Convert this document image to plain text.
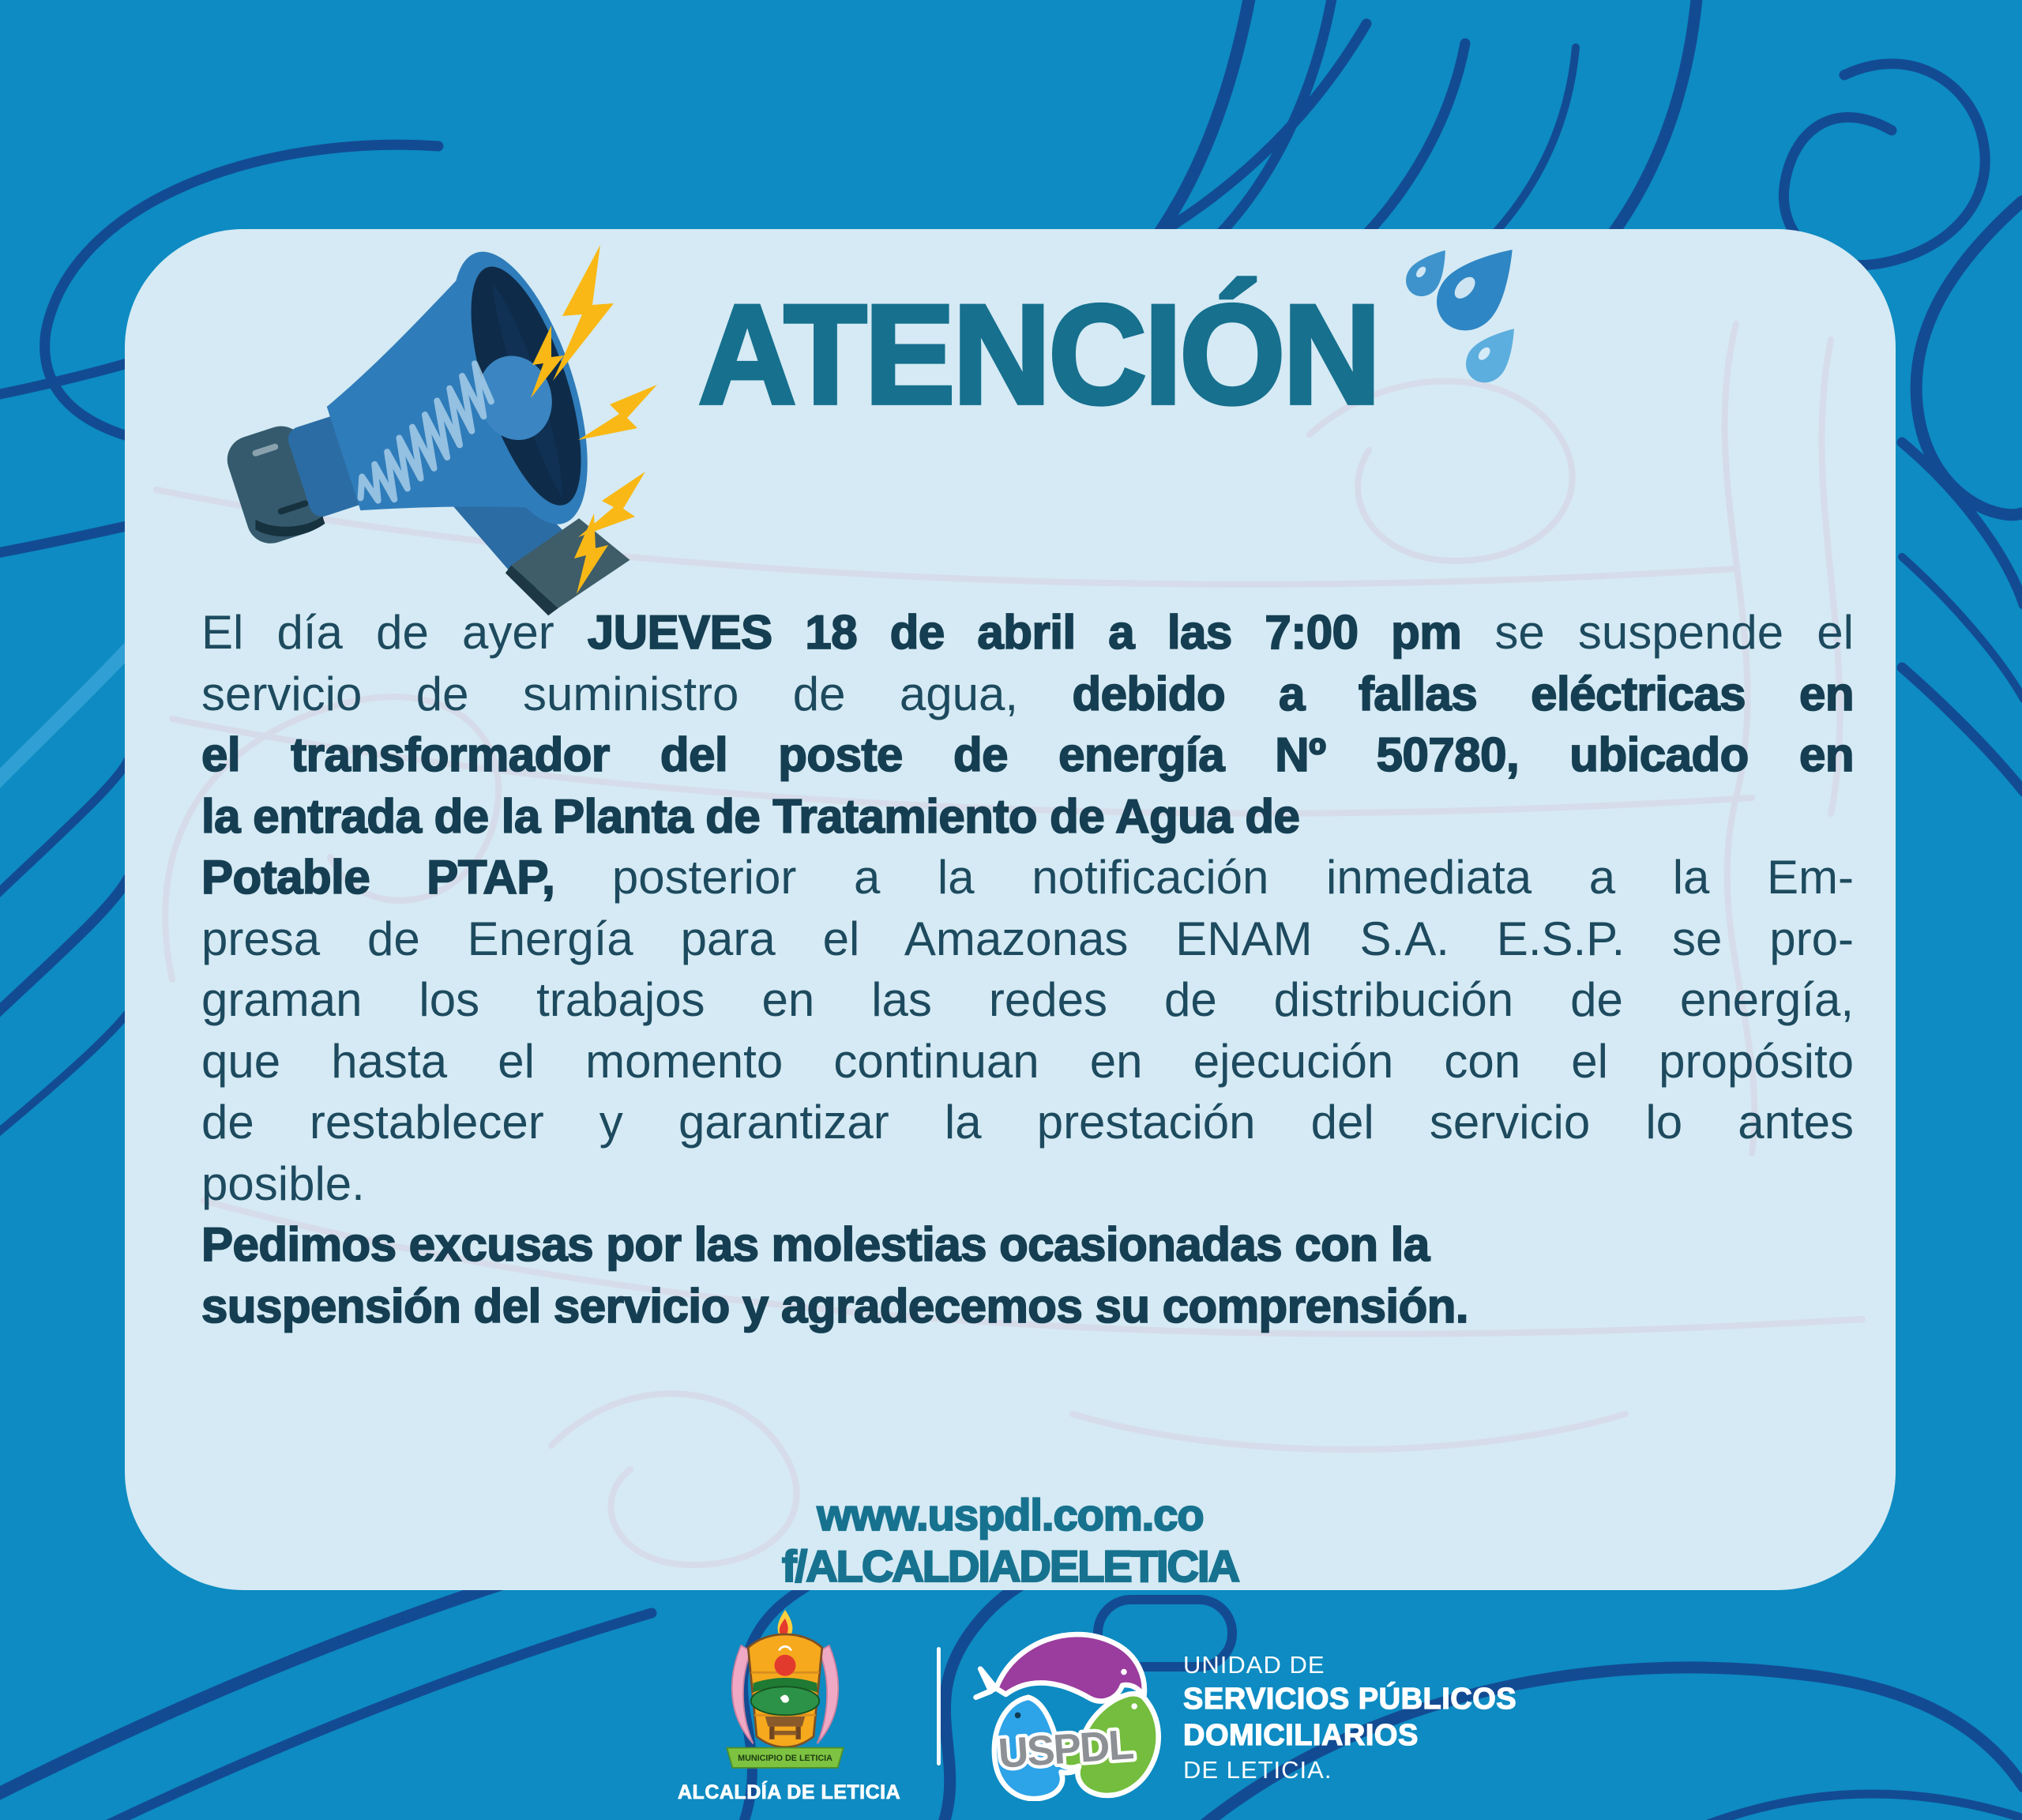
ATENCIÓN
El día de ayer JUEVES 18 de abril a las 7:00 pm se suspende el
servicio de suministro de agua, debido a fallas eléctricas en
el transformador del poste de energía Nº 50780, ubicado en
la entrada de la Planta de Tratamiento de Agua de
Potable PTAP, posterior a la notificación inmediata a la Em-
presa de Energía para el Amazonas ENAM S.A. E.S.P. se pro-
graman los trabajos en las redes de distribución de energía,
que hasta el momento continuan en ejecución con el propósito
de restablecer y garantizar la prestación del servicio lo antes
posible.
Pedimos excusas por las molestias ocasionadas con la
suspensión del servicio y agradecemos su comprensión.
www.uspdl.com.co
f/ALCALDIADELETICIA
MUNICIPIO DE LETICIA
ALCALDÍA DE LETICIA
USPDL
UNIDAD DE
SERVICIOS PÚBLICOS
DOMICILIARIOS
DE LETICIA.
